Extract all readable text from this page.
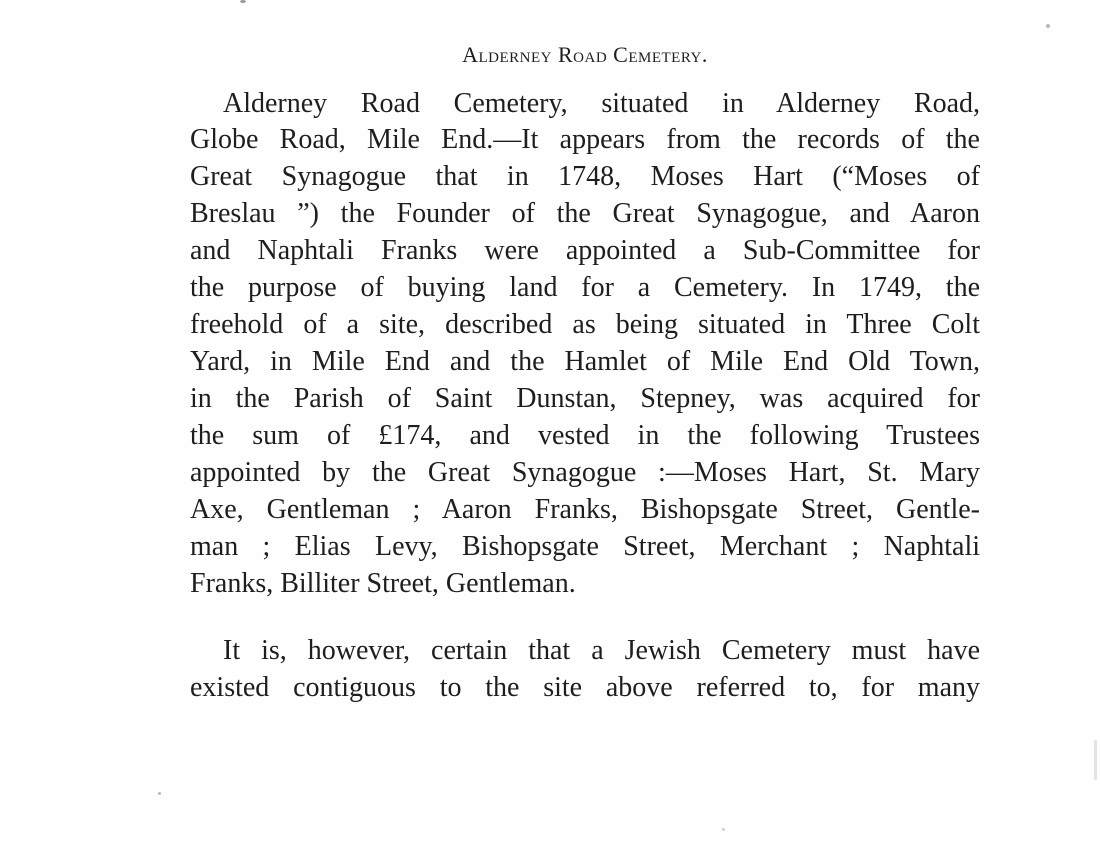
Alderney Road Cemetery.
Alderney Road Cemetery, situated in Alderney Road,
Globe Road, Mile End.—It appears from the records of the
Great Synagogue that in 1748, Moses Hart (“Moses of
Breslau ”) the Founder of the Great Synagogue, and Aaron
and Naphtali Franks were appointed a Sub-Committee for
the purpose of buying land for a Cemetery. In 1749, the
freehold of a site, described as being situated in Three Colt
Yard, in Mile End and the Hamlet of Mile End Old Town,
in the Parish of Saint Dunstan, Stepney, was acquired for
the sum of £174, and vested in the following Trustees
appointed by the Great Synagogue :—Moses Hart, St. Mary
Axe, Gentleman ; Aaron Franks, Bishopsgate Street, Gentle-
man ; Elias Levy, Bishopsgate Street, Merchant ; Naphtali
Franks, Billiter Street, Gentleman.
It is, however, certain that a Jewish Cemetery must have
existed contiguous to the site above referred to, for many
